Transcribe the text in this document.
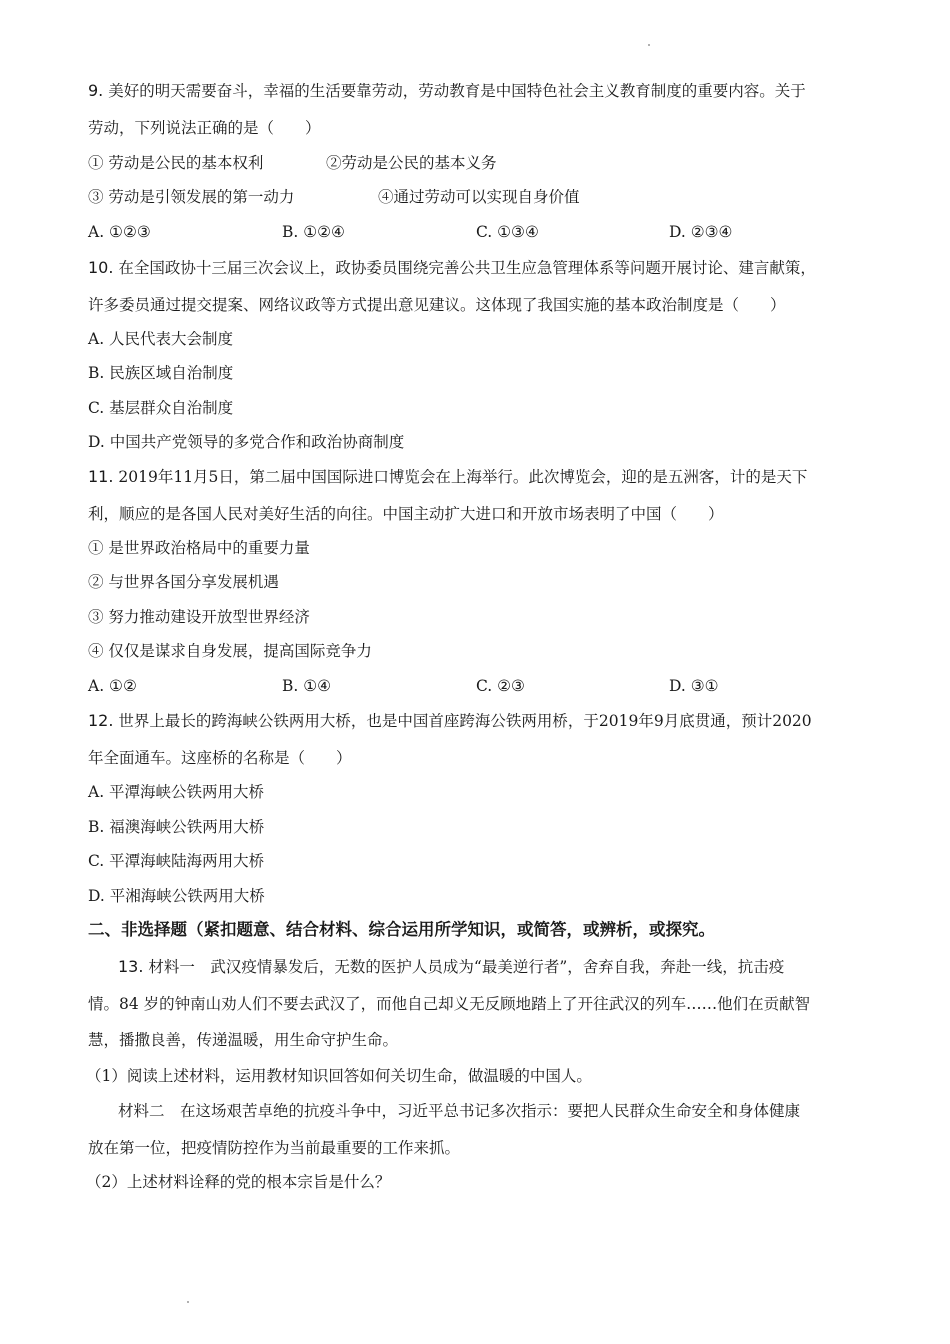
9. 美好的明天需要奋斗，幸福的生活要靠劳动，劳动教育是中国特色社会主义教育制度的重要内容。关于
劳动，下列说法正确的是（　　）
① 劳动是公民的基本权利	②劳动是公民的基本义务
③ 劳动是引领发展的第一动力	④通过劳动可以实现自身价值
A. ①②③	B. ①②④	C. ①③④	D. ②③④
10. 在全国政协十三届三次会议上，政协委员围绕完善公共卫生应急管理体系等问题开展讨论、建言献策，
许多委员通过提交提案、网络议政等方式提出意见建议。这体现了我国实施的基本政治制度是（　　）
A. 人民代表大会制度
B. 民族区域自治制度
C. 基层群众自治制度
D. 中国共产党领导的多党合作和政治协商制度
11. 2019年11月5日，第二届中国国际进口博览会在上海举行。此次博览会，迎的是五洲客，计的是天下
利，顺应的是各国人民对美好生活的向往。中国主动扩大进口和开放市场表明了中国（　　）
① 是世界政治格局中的重要力量
② 与世界各国分享发展机遇
③ 努力推动建设开放型世界经济
④ 仅仅是谋求自身发展，提高国际竞争力
A. ①②	B. ①④	C. ②③	D. ③①
12. 世界上最长的跨海峡公铁两用大桥，也是中国首座跨海公铁两用桥，于2019年9月底贯通，预计2020
年全面通车。这座桥的名称是（　　）
A. 平潭海峡公铁两用大桥
B. 福澳海峡公铁两用大桥
C. 平潭海峡陆海两用大桥
D. 平湘海峡公铁两用大桥
二、非选择题（紧扣题意、结合材料、综合运用所学知识，或简答，或辨析，或探究。
13. 材料一　武汉疫情暴发后，无数的医护人员成为“最美逆行者”，舍弃自我，奔赴一线，抗击疫
情。84 岁的钟南山劝人们不要去武汉了，而他自己却义无反顾地踏上了开往武汉的列车……他们在贡献智
慧，播撒良善，传递温暖，用生命守护生命。
（1）阅读上述材料，运用教材知识回答如何关切生命，做温暖的中国人。
材料二　在这场艰苦卓绝的抗疫斗争中，习近平总书记多次指示：要把人民群众生命安全和身体健康
放在第一位，把疫情防控作为当前最重要的工作来抓。
（2）上述材料诠释的党的根本宗旨是什么？
